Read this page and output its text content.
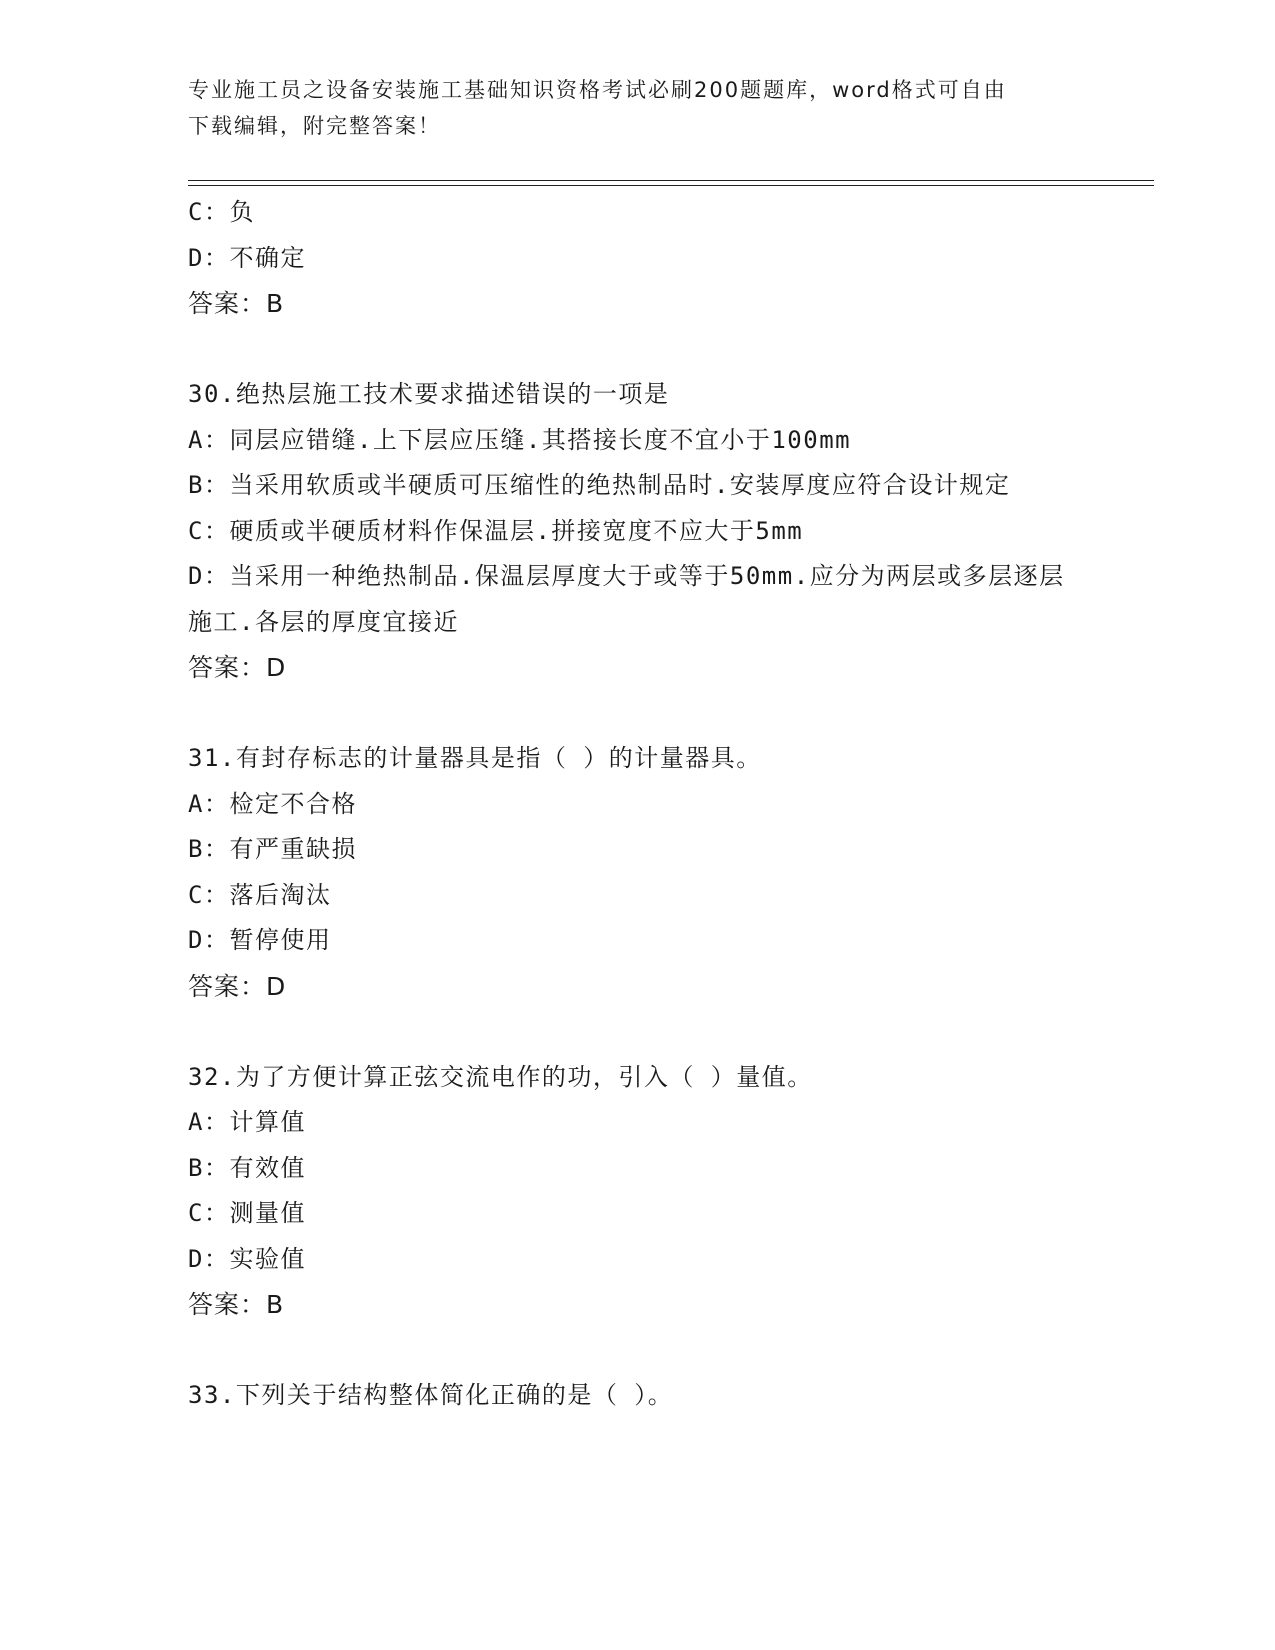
专业施工员之设备安装施工基础知识资格考试必刷200题题库，word格式可自由
下载编辑，附完整答案！
C：负
D：不确定
答案：B
30.绝热层施工技术要求描述错误的一项是
A：同层应错缝.上下层应压缝.其搭接长度不宜小于100mm
B：当采用软质或半硬质可压缩性的绝热制品时.安装厚度应符合设计规定
C：硬质或半硬质材料作保温层.拼接宽度不应大于5mm
D：当采用一种绝热制品.保温层厚度大于或等于50mm.应分为两层或多层逐层施工.各层的厚度宜接近
答案：D
31.有封存标志的计量器具是指（ ）的计量器具。
A：检定不合格
B：有严重缺损
C：落后淘汰
D：暂停使用
答案：D
32.为了方便计算正弦交流电作的功，引入（ ）量值。
A：计算值
B：有效值
C：测量值
D：实验值
答案：B
33.下列关于结构整体简化正确的是（ ）。
